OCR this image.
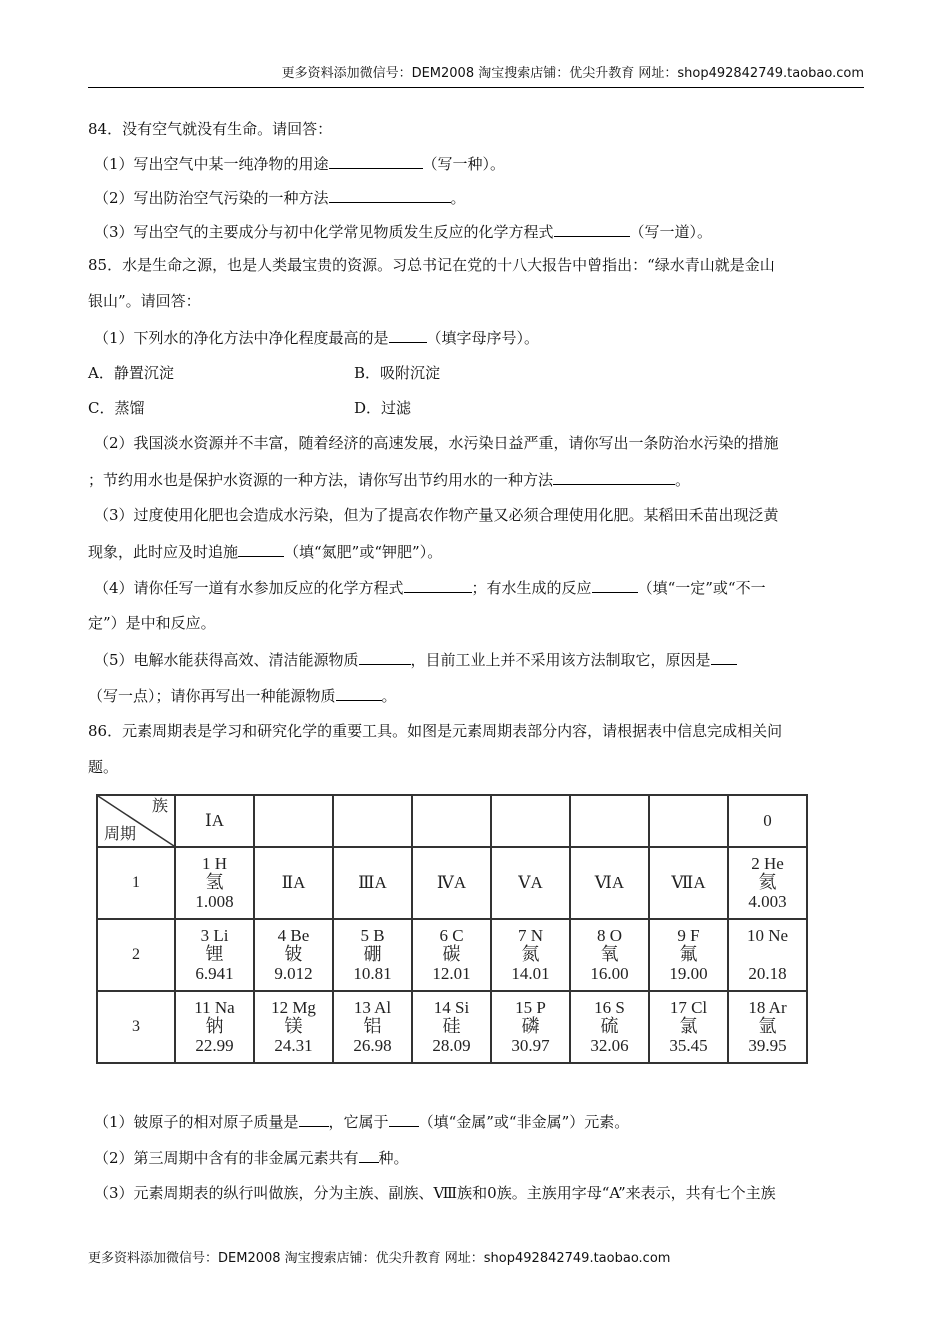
更多资料添加微信号：DEM2008 淘宝搜索店铺：优尖升教育 网址：shop492842749.taobao.com
84．没有空气就没有生命。请回答：
（1）写出空气中某一纯净物的用途	（写一种）。
（2）写出防治空气污染的一种方法	。
（3）写出空气的主要成分与初中化学常见物质发生反应的化学方程式	（写一道）。
85．水是生命之源，也是人类最宝贵的资源。习总书记在党的十八大报告中曾指出：“绿水青山就是金山
银山”。请回答：
（1）下列水的净化方法中净化程度最高的是	（填字母序号）。
A．静置沉淀	B．吸附沉淀
C．蒸馏	D．过滤
（2）我国淡水资源并不丰富，随着经济的高速发展，水污染日益严重，请你写出一条防治水污染的措施
；节约用水也是保护水资源的一种方法，请你写出节约用水的一种方法	。
（3）过度使用化肥也会造成水污染，但为了提高农作物产量又必须合理使用化肥。某稻田禾苗出现泛黄
现象，此时应及时追施	（填“氮肥”或“钾肥”）。
（4）请你任写一道有水参加反应的化学方程式	；有水生成的反应	（填“一定”或“不一
定”）是中和反应。
（5）电解水能获得高效、清洁能源物质	，目前工业上并不采用该方法制取它，原因是
（写一点）；请你再写出一种能源物质	。
86．元素周期表是学习和研究化学的重要工具。如图是元素周期表部分内容，请根据表中信息完成相关问
题。
（1）铍原子的相对原子质量是 ，它属于 （填“金属”或“非金属”）元素。
（2）第三周期中含有的非金属元素共有 种。
（3）元素周期表的纵行叫做族，分为主族、副族、Ⅷ族和0族。主族用字母“A”来表示，共有七个主族
族
周期	ⅠA							0
1	1 H
氢
1.008	ⅡA	ⅢA	ⅣA	ⅤA	ⅥA	ⅦA	2 He
氦
4.003

2	3 Li
锂
6.941	4 Be
铍
9.012	5 B
硼
10.81	6 C
碳
12.01	7 N
氮
14.01	8 O
氧
16.00	9 F
氟
19.00	10 Ne

20.18

3	11 Na
钠
22.99	12 Mg
镁
24.31	13 Al
铝
26.98	14 Si
硅
28.09	15 P
磷
30.97	16 S
硫
32.06	17 Cl
氯
35.45	18 Ar
氩
39.95
更多资料添加微信号：DEM2008 淘宝搜索店铺：优尖升教育 网址：shop492842749.taobao.com
